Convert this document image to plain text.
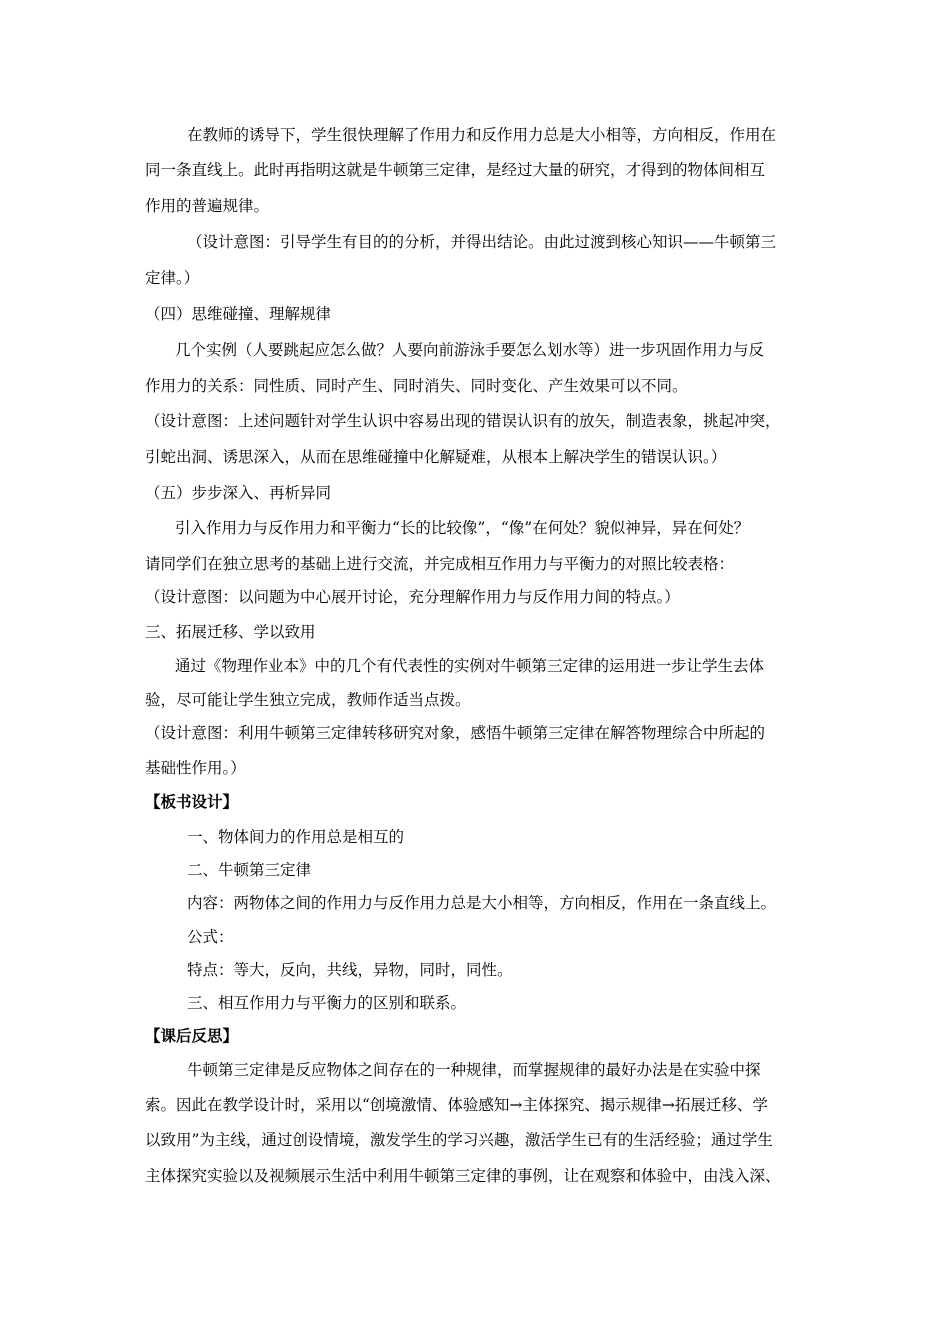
在教师的诱导下，学生很快理解了作用力和反作用力总是大小相等，方向相反，作用在
同一条直线上。此时再指明这就是牛顿第三定律，是经过大量的研究，才得到的物体间相互
作用的普遍规律。
（设计意图：引导学生有目的的分析，并得出结论。由此过渡到核心知识——牛顿第三
定律。）
（四）思维碰撞、理解规律
几个实例（人要跳起应怎么做？人要向前游泳手要怎么划水等）进一步巩固作用力与反
作用力的关系：同性质、同时产生、同时消失、同时变化、产生效果可以不同。
（设计意图：上述问题针对学生认识中容易出现的错误认识有的放矢，制造表象，挑起冲突，
引蛇出洞、诱思深入，从而在思维碰撞中化解疑难，从根本上解决学生的错误认识。）
（五）步步深入、再析异同
引入作用力与反作用力和平衡力“长的比较像”，“像”在何处？貌似神异，异在何处？
请同学们在独立思考的基础上进行交流，并完成相互作用力与平衡力的对照比较表格：
（设计意图：以问题为中心展开讨论，充分理解作用力与反作用力间的特点。）
三、拓展迁移、学以致用
通过《物理作业本》中的几个有代表性的实例对牛顿第三定律的运用进一步让学生去体
验，尽可能让学生独立完成，教师作适当点拨。
（设计意图：利用牛顿第三定律转移研究对象，感悟牛顿第三定律在解答物理综合中所起的
基础性作用。）
【板书设计】
一、物体间力的作用总是相互的
二、牛顿第三定律
内容：两物体之间的作用力与反作用力总是大小相等，方向相反，作用在一条直线上。
公式：
特点：等大，反向，共线，异物，同时，同性。
三、相互作用力与平衡力的区别和联系。
【课后反思】
牛顿第三定律是反应物体之间存在的一种规律，而掌握规律的最好办法是在实验中探
索。因此在教学设计时，采用以“创境激情、体验感知→主体探究、揭示规律→拓展迁移、学
以致用”为主线，通过创设情境，激发学生的学习兴趣，激活学生已有的生活经验；通过学生
主体探究实验以及视频展示生活中利用牛顿第三定律的事例，让在观察和体验中，由浅入深、
